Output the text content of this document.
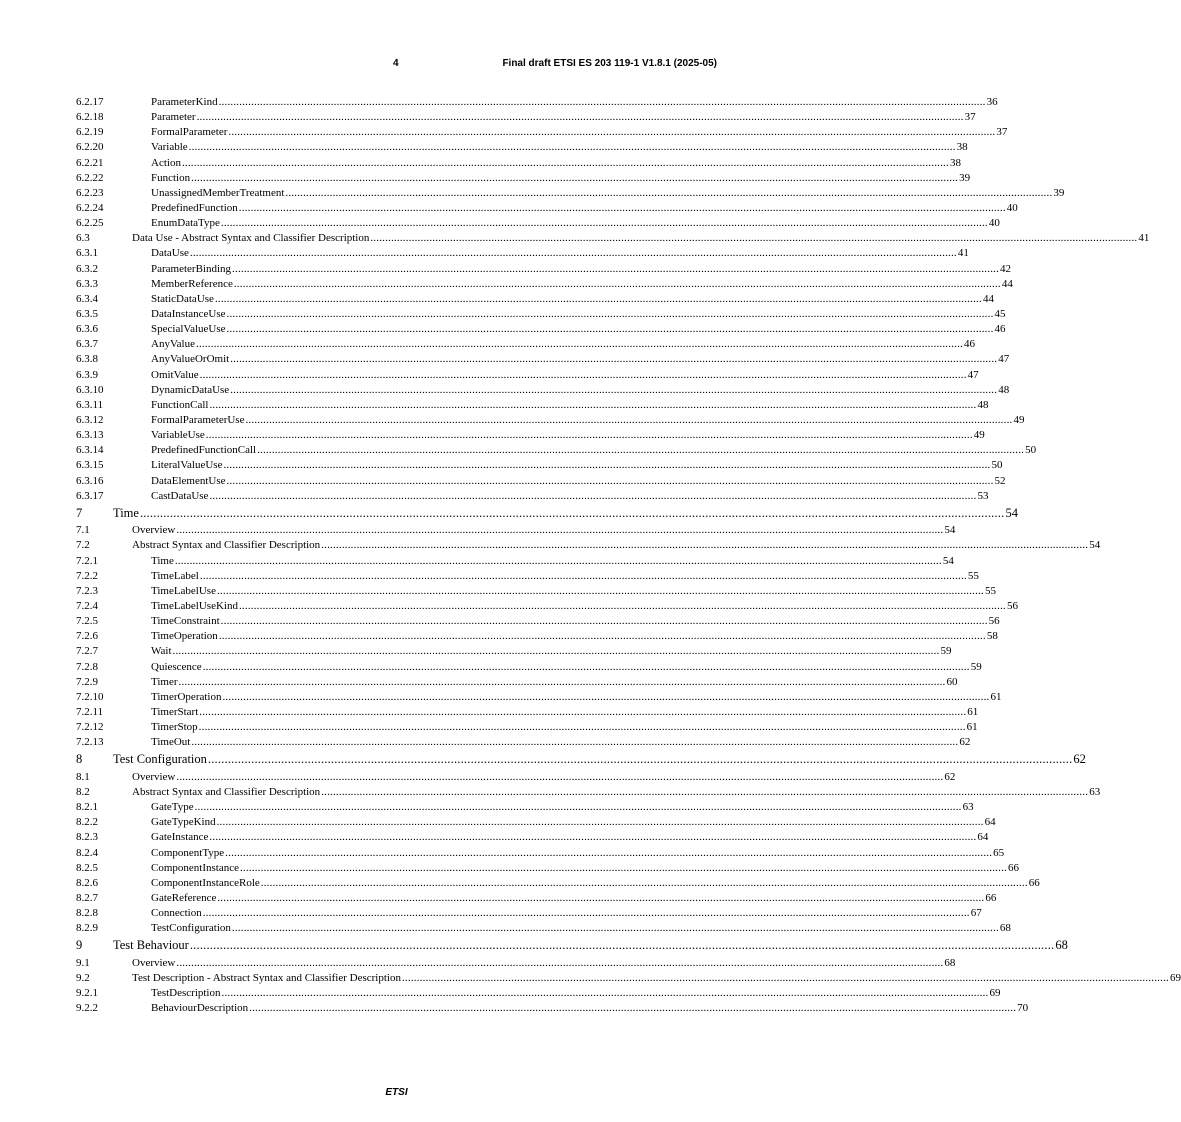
4	Final draft ETSI ES 203 119-1 V1.8.1 (2025-05)
6.2.17	ParameterKind .....	36
6.2.18	Parameter .....	37
6.2.19	FormalParameter .....	37
6.2.20	Variable .....	38
6.2.21	Action .....	38
6.2.22	Function .....	39
6.2.23	UnassignedMemberTreatment .....	39
6.2.24	PredefinedFunction .....	40
6.2.25	EnumDataType .....	40
6.3	Data Use - Abstract Syntax and Classifier Description .....	41
6.3.1	DataUse .....	41
6.3.2	ParameterBinding .....	42
6.3.3	MemberReference .....	44
6.3.4	StaticDataUse .....	44
6.3.5	DataInstanceUse .....	45
6.3.6	SpecialValueUse .....	46
6.3.7	AnyValue .....	46
6.3.8	AnyValueOrOmit .....	47
6.3.9	OmitValue .....	47
6.3.10	DynamicDataUse .....	48
6.3.11	FunctionCall .....	48
6.3.12	FormalParameterUse .....	49
6.3.13	VariableUse .....	49
6.3.14	PredefinedFunctionCall .....	50
6.3.15	LiteralValueUse .....	50
6.3.16	DataElementUse .....	52
6.3.17	CastDataUse .....	53
7 Time .....	54
7.1	Overview .....	54
7.2	Abstract Syntax and Classifier Description .....	54
7.2.1	Time .....	54
7.2.2	TimeLabel .....	55
7.2.3	TimeLabelUse .....	55
7.2.4	TimeLabelUseKind .....	56
7.2.5	TimeConstraint .....	56
7.2.6	TimeOperation .....	58
7.2.7	Wait .....	59
7.2.8	Quiescence .....	59
7.2.9	Timer .....	60
7.2.10	TimerOperation .....	61
7.2.11	TimerStart .....	61
7.2.12	TimerStop .....	61
7.2.13	TimeOut .....	62
8 Test Configuration .....	62
8.1	Overview .....	62
8.2	Abstract Syntax and Classifier Description .....	63
8.2.1	GateType .....	63
8.2.2	GateTypeKind .....	64
8.2.3	GateInstance .....	64
8.2.4	ComponentType .....	65
8.2.5	ComponentInstance .....	66
8.2.6	ComponentInstanceRole .....	66
8.2.7	GateReference .....	66
8.2.8	Connection .....	67
8.2.9	TestConfiguration .....	68
9 Test Behaviour .....	68
9.1	Overview .....	68
9.2	Test Description - Abstract Syntax and Classifier Description .....	69
9.2.1	TestDescription .....	69
9.2.2	BehaviourDescription .....	70
ETSI
